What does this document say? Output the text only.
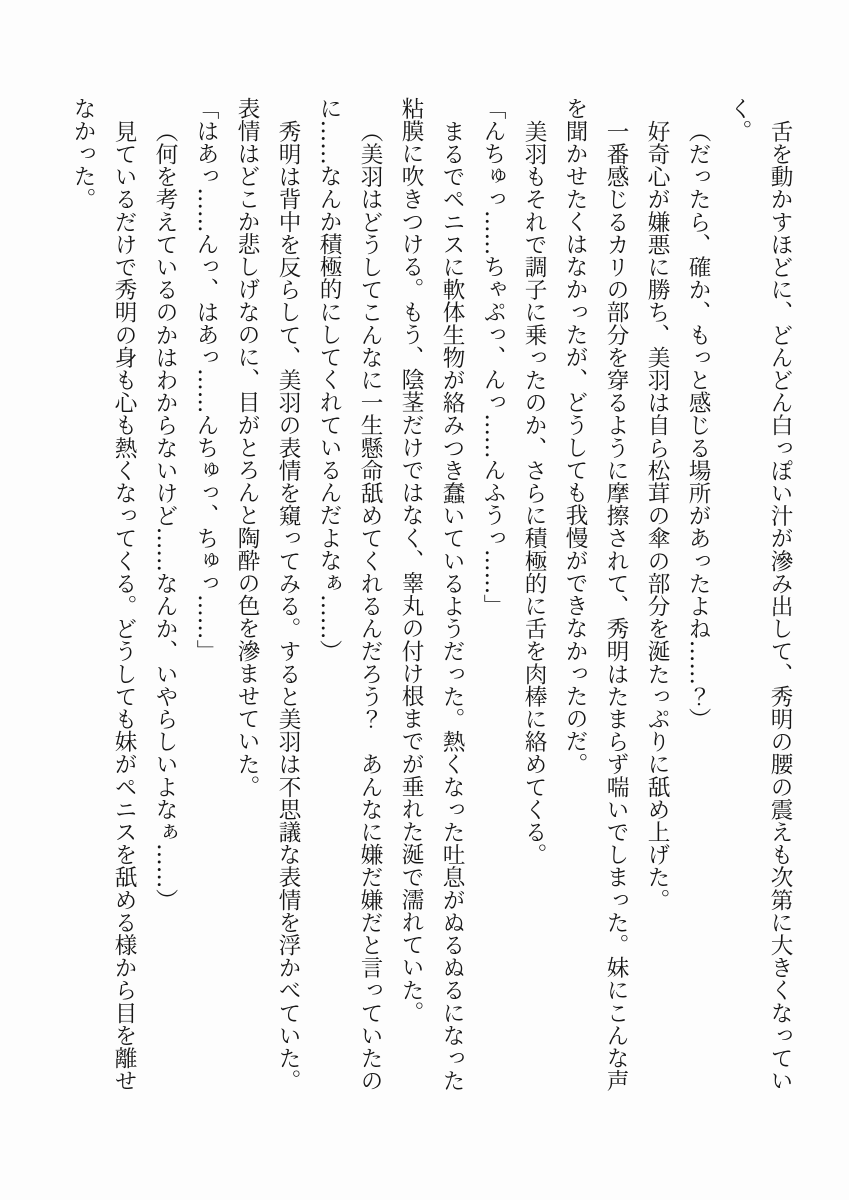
舌を動かすほどに、どんどん白っぽい汁が滲み出して、秀明の腰の震えも次第に大きくなっていく。

（だったら、確か、もっと感じる場所があったよね……？）

好奇心が嫌悪に勝ち、美羽は自ら松茸の傘の部分を涎たっぷりに舐め上げた。

一番感じるカリの部分を穿るように摩擦されて、秀明はたまらず喘いでしまった。妹にこんな声を聞かせたくはなかったが、どうしても我慢ができなかったのだ。

美羽もそれで調子に乗ったのか、さらに積極的に舌を肉棒に絡めてくる。

「んちゅっ……ちゃぷっ、んっ……んふうっ……」

まるでペニスに軟体生物が絡みつき蠢いているようだった。熱くなった吐息がぬるぬるになった粘膜に吹きつける。もう、陰茎だけではなく、睾丸の付け根までが垂れた涎で濡れていた。

（美羽はどうしてこんなに一生懸命舐めてくれるんだろう？　あんなに嫌だ嫌だと言っていたのに……なんか積極的にしてくれているんだよなぁ……）

秀明は背中を反らして、美羽の表情を窺ってみる。すると美羽は不思議な表情を浮かべていた。表情はどこか悲しげなのに、目がとろんと陶酔の色を滲ませていた。

「はあっ……んっ、はあっ……んちゅっ、ちゅっ……」

（何を考えているのかはわからないけど……なんか、いやらしいよなぁ……）

見ているだけで秀明の身も心も熱くなってくる。どうしても妹がペニスを舐める様から目を離せなかった。
